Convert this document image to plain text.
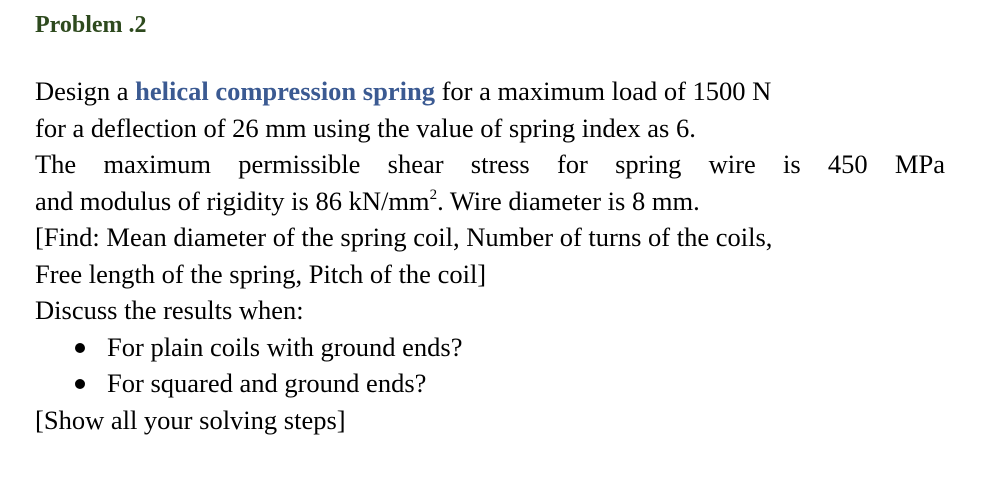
Problem .2
Design a helical compression spring for a maximum load of 1500 N
for a deflection of 26 mm using the value of spring index as 6.
The maximum permissible shear stress for spring wire is 450 MPa
and modulus of rigidity is 86 $kN/mm^2$. Wire diameter is 8 mm.
[Find: Mean diameter of the spring coil, Number of turns of the coils,
Free length of the spring, Pitch of the coil]
Discuss the results when:
For plain coils with ground ends?
For squared and ground ends?
[Show all your solving steps]
